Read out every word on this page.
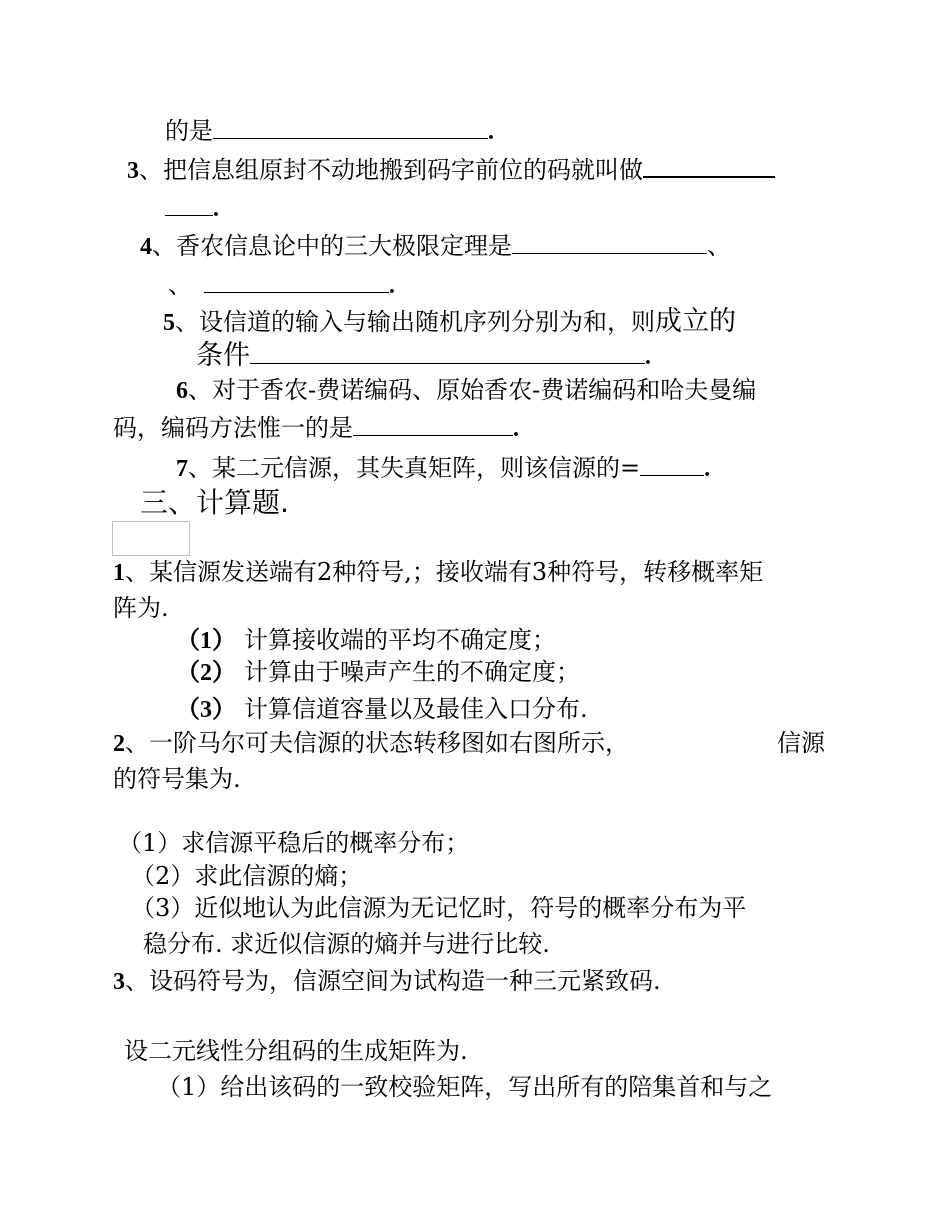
的是	.
3、把信息组原封不动地搬到码字前位的码就叫做
.
4、香农信息论中的三大极限定理是	、
、	.
5、设信道的输入与输出随机序列分别为和，则成立的
条件	.
6、对于香农-费诺编码、原始香农-费诺编码和哈夫曼编
码，编码方法惟一的是	.
7、某二元信源，其失真矩阵，则该信源的=	.
三、计算题.
1、某信源发送端有2种符号,；接收端有3种符号，转移概率矩
阵为.
（1） 计算接收端的平均不确定度；
（2） 计算由于噪声产生的不确定度；
（3） 计算信道容量以及最佳入口分布.
2、一阶马尔可夫信源的状态转移图如右图所示，	信源
的符号集为.
（1）求信源平稳后的概率分布；
（2）求此信源的熵；
（3）近似地认为此信源为无记忆时，符号的概率分布为平
稳分布. 求近似信源的熵并与进行比较.
3、设码符号为，信源空间为试构造一种三元紧致码.
设二元线性分组码的生成矩阵为.
（1）给出该码的一致校验矩阵，写出所有的陪集首和与之
